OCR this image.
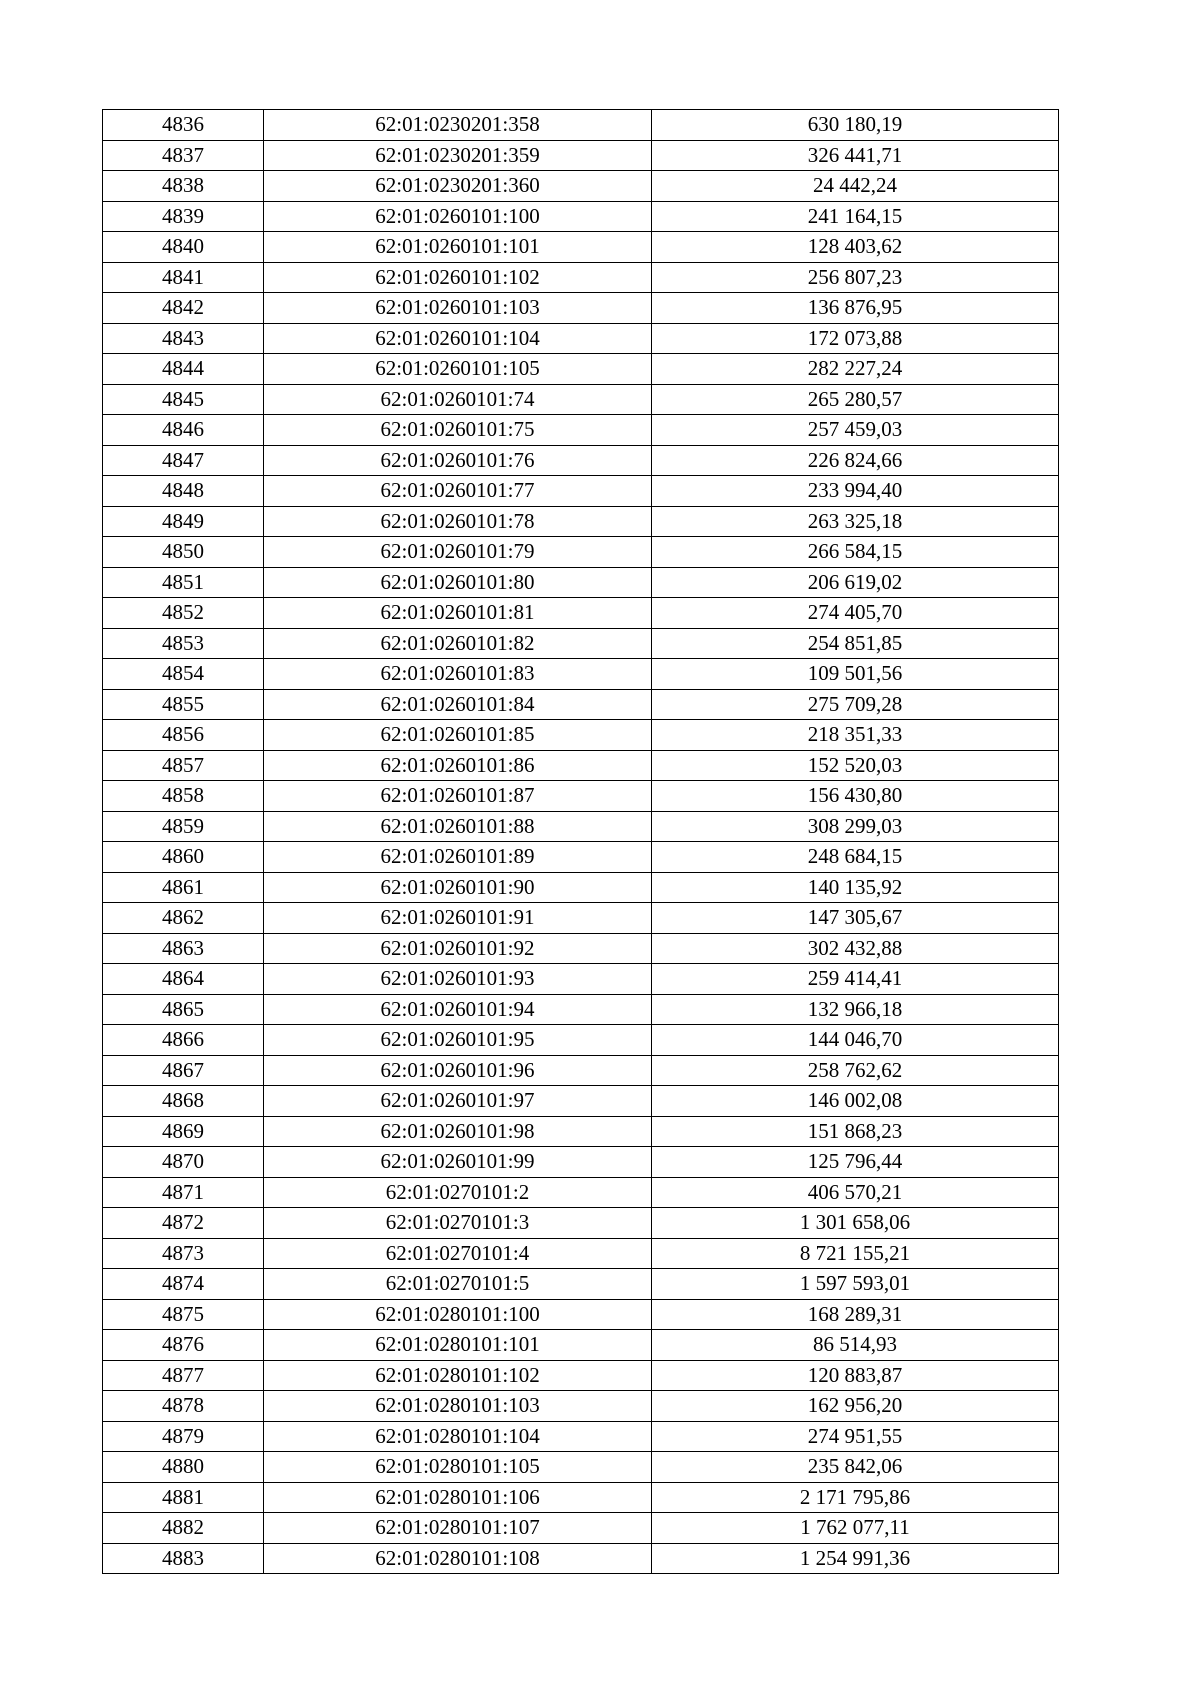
4836	62:01:0230201:358	630 180,19
4837	62:01:0230201:359	326 441,71
4838	62:01:0230201:360	24 442,24
4839	62:01:0260101:100	241 164,15
4840	62:01:0260101:101	128 403,62
4841	62:01:0260101:102	256 807,23
4842	62:01:0260101:103	136 876,95
4843	62:01:0260101:104	172 073,88
4844	62:01:0260101:105	282 227,24
4845	62:01:0260101:74	265 280,57
4846	62:01:0260101:75	257 459,03
4847	62:01:0260101:76	226 824,66
4848	62:01:0260101:77	233 994,40
4849	62:01:0260101:78	263 325,18
4850	62:01:0260101:79	266 584,15
4851	62:01:0260101:80	206 619,02
4852	62:01:0260101:81	274 405,70
4853	62:01:0260101:82	254 851,85
4854	62:01:0260101:83	109 501,56
4855	62:01:0260101:84	275 709,28
4856	62:01:0260101:85	218 351,33
4857	62:01:0260101:86	152 520,03
4858	62:01:0260101:87	156 430,80
4859	62:01:0260101:88	308 299,03
4860	62:01:0260101:89	248 684,15
4861	62:01:0260101:90	140 135,92
4862	62:01:0260101:91	147 305,67
4863	62:01:0260101:92	302 432,88
4864	62:01:0260101:93	259 414,41
4865	62:01:0260101:94	132 966,18
4866	62:01:0260101:95	144 046,70
4867	62:01:0260101:96	258 762,62
4868	62:01:0260101:97	146 002,08
4869	62:01:0260101:98	151 868,23
4870	62:01:0260101:99	125 796,44
4871	62:01:0270101:2	406 570,21
4872	62:01:0270101:3	1 301 658,06
4873	62:01:0270101:4	8 721 155,21
4874	62:01:0270101:5	1 597 593,01
4875	62:01:0280101:100	168 289,31
4876	62:01:0280101:101	86 514,93
4877	62:01:0280101:102	120 883,87
4878	62:01:0280101:103	162 956,20
4879	62:01:0280101:104	274 951,55
4880	62:01:0280101:105	235 842,06
4881	62:01:0280101:106	2 171 795,86
4882	62:01:0280101:107	1 762 077,11
4883	62:01:0280101:108	1 254 991,36
